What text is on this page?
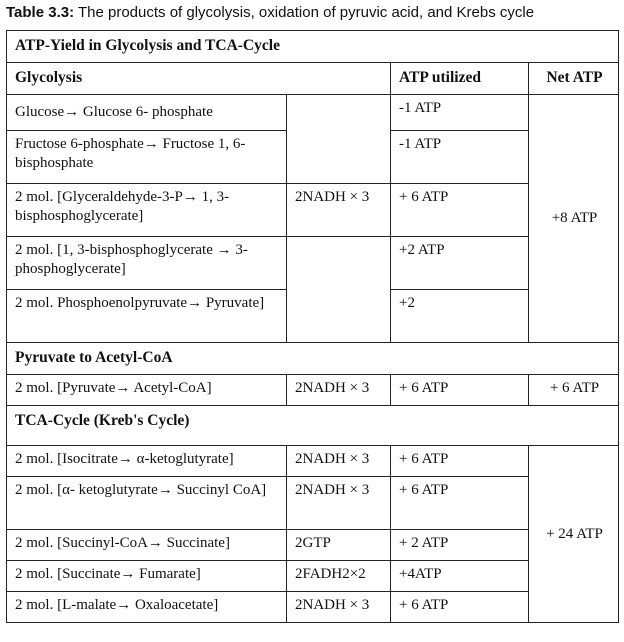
Table 3.3: The products of glycolysis, oxidation of pyruvic acid, and Krebs cycle
ATP-Yield in Glycolysis and TCA-Cycle			
Glycolysis		ATP utilized	Net ATP
Glucose→ Glucose 6- phosphate		-1 ATP	+8 ATP
Fructose 6-phosphate→ Fructose 1, 6-bisphosphate		-1 ATP	
2 mol. [Glyceraldehyde-3-P→ 1, 3-bisphosphoglycerate]	2NADH × 3	+ 6 ATP	
2 mol. [1, 3-bisphosphoglycerate → 3-phosphoglycerate]		+2 ATP	
2 mol. Phosphoenolpyruvate→ Pyruvate]		+2	
Pyruvate to Acetyl-CoA			
2 mol. [Pyruvate→ Acetyl-CoA]	2NADH × 3	+ 6 ATP	+ 6 ATP
TCA-Cycle (Kreb's Cycle)			
2 mol. [Isocitrate→ α-ketoglutyrate]	2NADH × 3	+ 6 ATP	+ 24 ATP
2 mol. [α- ketoglutyrate→ Succinyl CoA]	2NADH × 3	+ 6 ATP	
2 mol. [Succinyl-CoA→ Succinate]	2GTP	+ 2 ATP	
2 mol. [Succinate→ Fumarate]	2FADH2×2	+4ATP	
2 mol. [L-malate→ Oxaloacetate]	2NADH × 3	+ 6 ATP	
